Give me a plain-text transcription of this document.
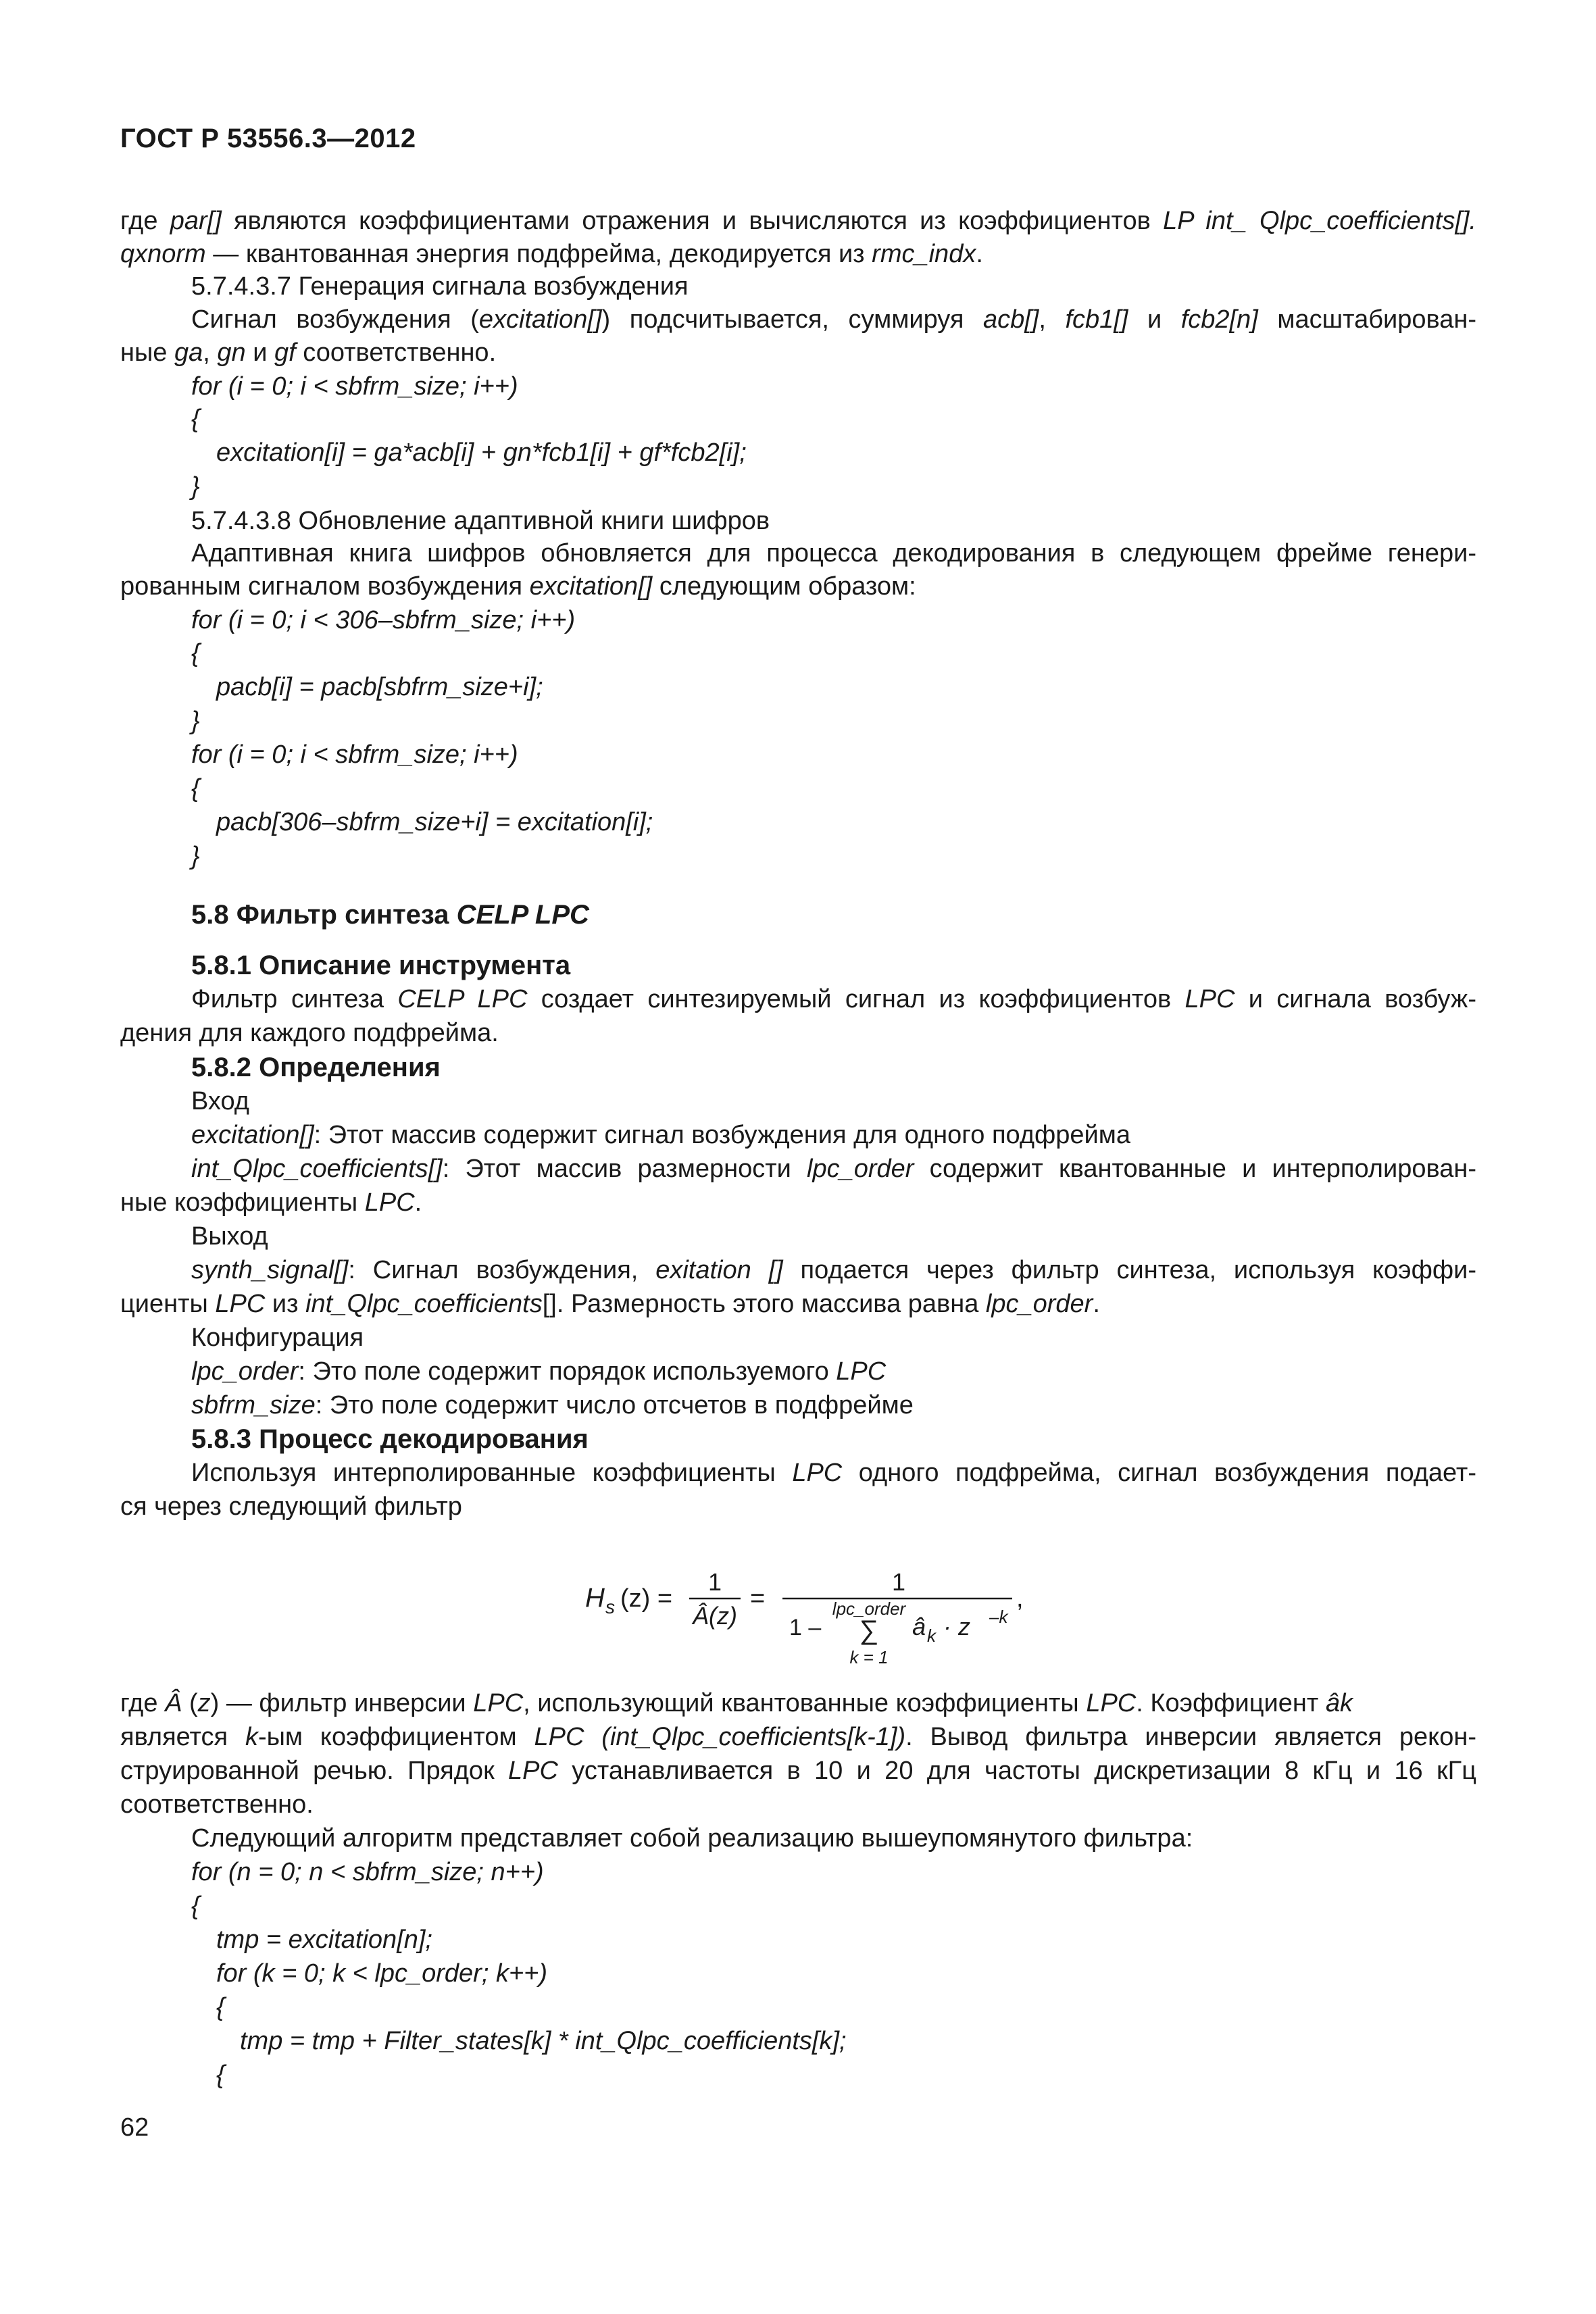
ГОСТ Р 53556.3—2012
где par[] являются коэффициентами отражения и вычисляются из коэффициентов LP int_ Qlpc_coefficients[].
qxnorm — квантованная энергия подфрейма, декодируется из rmc_indx.
5.7.4.3.7 Генерация сигнала возбуждения
Сигнал возбуждения (excitation[]) подсчитывается, суммируя acb[], fcb1[] и fcb2[n] масштабирован-
ные ga, gn и gf соответственно.
for (i = 0; i < sbfrm_size; i++)
{
excitation[i] = ga*acb[i] + gn*fcb1[i] + gf*fcb2[i];
}
5.7.4.3.8 Обновление адаптивной книги шифров
Адаптивная книга шифров обновляется для процесса декодирования в следующем фрейме генери-
рованным сигналом возбуждения excitation[] следующим образом:
for (i = 0; i < 306–sbfrm_size; i++)
{
pacb[i] = pacb[sbfrm_size+i];
}
for (i = 0; i < sbfrm_size; i++)
{
pacb[306–sbfrm_size+i] = excitation[i];
}
5.8 Фильтр синтеза CELP LPC
5.8.1 Описание инструмента
Фильтр синтеза CELP LPC создает синтезируемый сигнал из коэффициентов LPC и сигнала возбуж-
дения для каждого подфрейма.
5.8.2 Определения
Вход
excitation[]: Этот массив содержит сигнал возбуждения для одного подфрейма
int_Qlpc_coefficients[]: Этот массив размерности lpc_order содержит квантованные и интерполирован-
ные коэффициенты LPC.
Выход
synth_signal[]: Сигнал возбуждения, exitation [] подается через фильтр синтеза, используя коэффи-
циенты LPC из int_Qlpc_coefficients[]. Размерность этого массива равна lpc_order.
Конфигурация
lpc_order: Это поле содержит порядок используемого LPC
sbfrm_size: Это поле содержит число отсчетов в подфрейме
5.8.3 Процесс декодирования
Используя интерполированные коэффициенты LPC одного подфрейма, сигнал возбуждения подает-
ся через следующий фильтр
где Â (z) — фильтр инверсии LPC, использующий квантованные коэффициенты LPC. Коэффициент âk
является k-ым коэффициентом LPC (int_Qlpc_coefficients[k-1]). Вывод фильтра инверсии является рекон-
струированной речью. Прядок LPC устанавливается в 10 и 20 для частоты дискретизации 8 кГц и 16 кГц
соответственно.
Следующий алгоритм представляет собой реализацию вышеупомянутого фильтра:
for (n = 0; n < sbfrm_size; n++)
{
tmp = excitation[n];
for (k = 0; k < lpc_order; k++)
{
tmp = tmp + Filter_states[k] * int_Qlpc_coefficients[k];
{
H s (z) =
1
Â(z)
=
1
1 –
lpc_order
∑
k = 1
â k · z –k
,
62
